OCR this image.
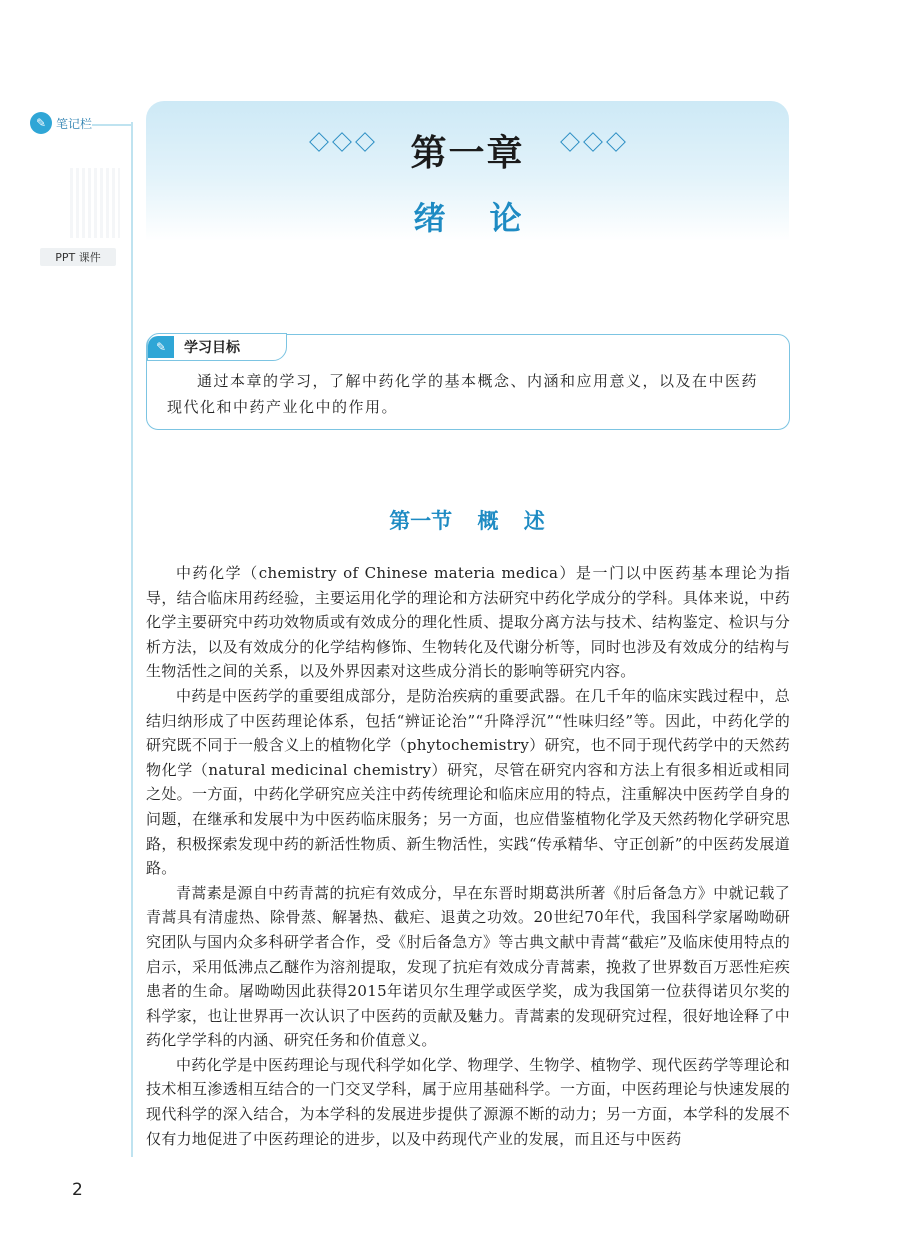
✎ 笔记栏
PPT 课件
第一章
绪论
✎	学习目标
通过本章的学习，了解中药化学的基本概念、内涵和应用意义，以及在中医药现代化和中药产业化中的作用。
第一节 概 述

中药化学（chemistry of Chinese materia medica）是一门以中医药基本理论为指导，结合临床用药经验，主要运用化学的理论和方法研究中药化学成分的学科。具体来说，中药化学主要研究中药功效物质或有效成分的理化性质、提取分离方法与技术、结构鉴定、检识与分析方法，以及有效成分的化学结构修饰、生物转化及代谢分析等，同时也涉及有效成分的结构与生物活性之间的关系，以及外界因素对这些成分消长的影响等研究内容。

中药是中医药学的重要组成部分，是防治疾病的重要武器。在几千年的临床实践过程中，总结归纳形成了中医药理论体系，包括“辨证论治”“升降浮沉”“性味归经”等。因此，中药化学的研究既不同于一般含义上的植物化学（phytochemistry）研究，也不同于现代药学中的天然药物化学（natural medicinal chemistry）研究，尽管在研究内容和方法上有很多相近或相同之处。一方面，中药化学研究应关注中药传统理论和临床应用的特点，注重解决中医药学自身的问题，在继承和发展中为中医药临床服务；另一方面，也应借鉴植物化学及天然药物化学研究思路，积极探索发现中药的新活性物质、新生物活性，实践“传承精华、守正创新”的中医药发展道路。

青蒿素是源自中药青蒿的抗疟有效成分，早在东晋时期葛洪所著《肘后备急方》中就记载了青蒿具有清虚热、除骨蒸、解暑热、截疟、退黄之功效。20世纪70年代，我国科学家屠呦呦研究团队与国内众多科研学者合作，受《肘后备急方》等古典文献中青蒿“截疟”及临床使用特点的启示，采用低沸点乙醚作为溶剂提取，发现了抗疟有效成分青蒿素，挽救了世界数百万恶性疟疾患者的生命。屠呦呦因此获得2015年诺贝尔生理学或医学奖，成为我国第一位获得诺贝尔奖的科学家，也让世界再一次认识了中医药的贡献及魅力。青蒿素的发现研究过程，很好地诠释了中药化学学科的内涵、研究任务和价值意义。

中药化学是中医药理论与现代科学如化学、物理学、生物学、植物学、现代医药学等理论和技术相互渗透相互结合的一门交叉学科，属于应用基础科学。一方面，中医药理论与快速发展的现代科学的深入结合，为本学科的发展进步提供了源源不断的动力；另一方面，本学科的发展不仅有力地促进了中医药理论的进步，以及中药现代产业的发展，而且还与中医药

2
